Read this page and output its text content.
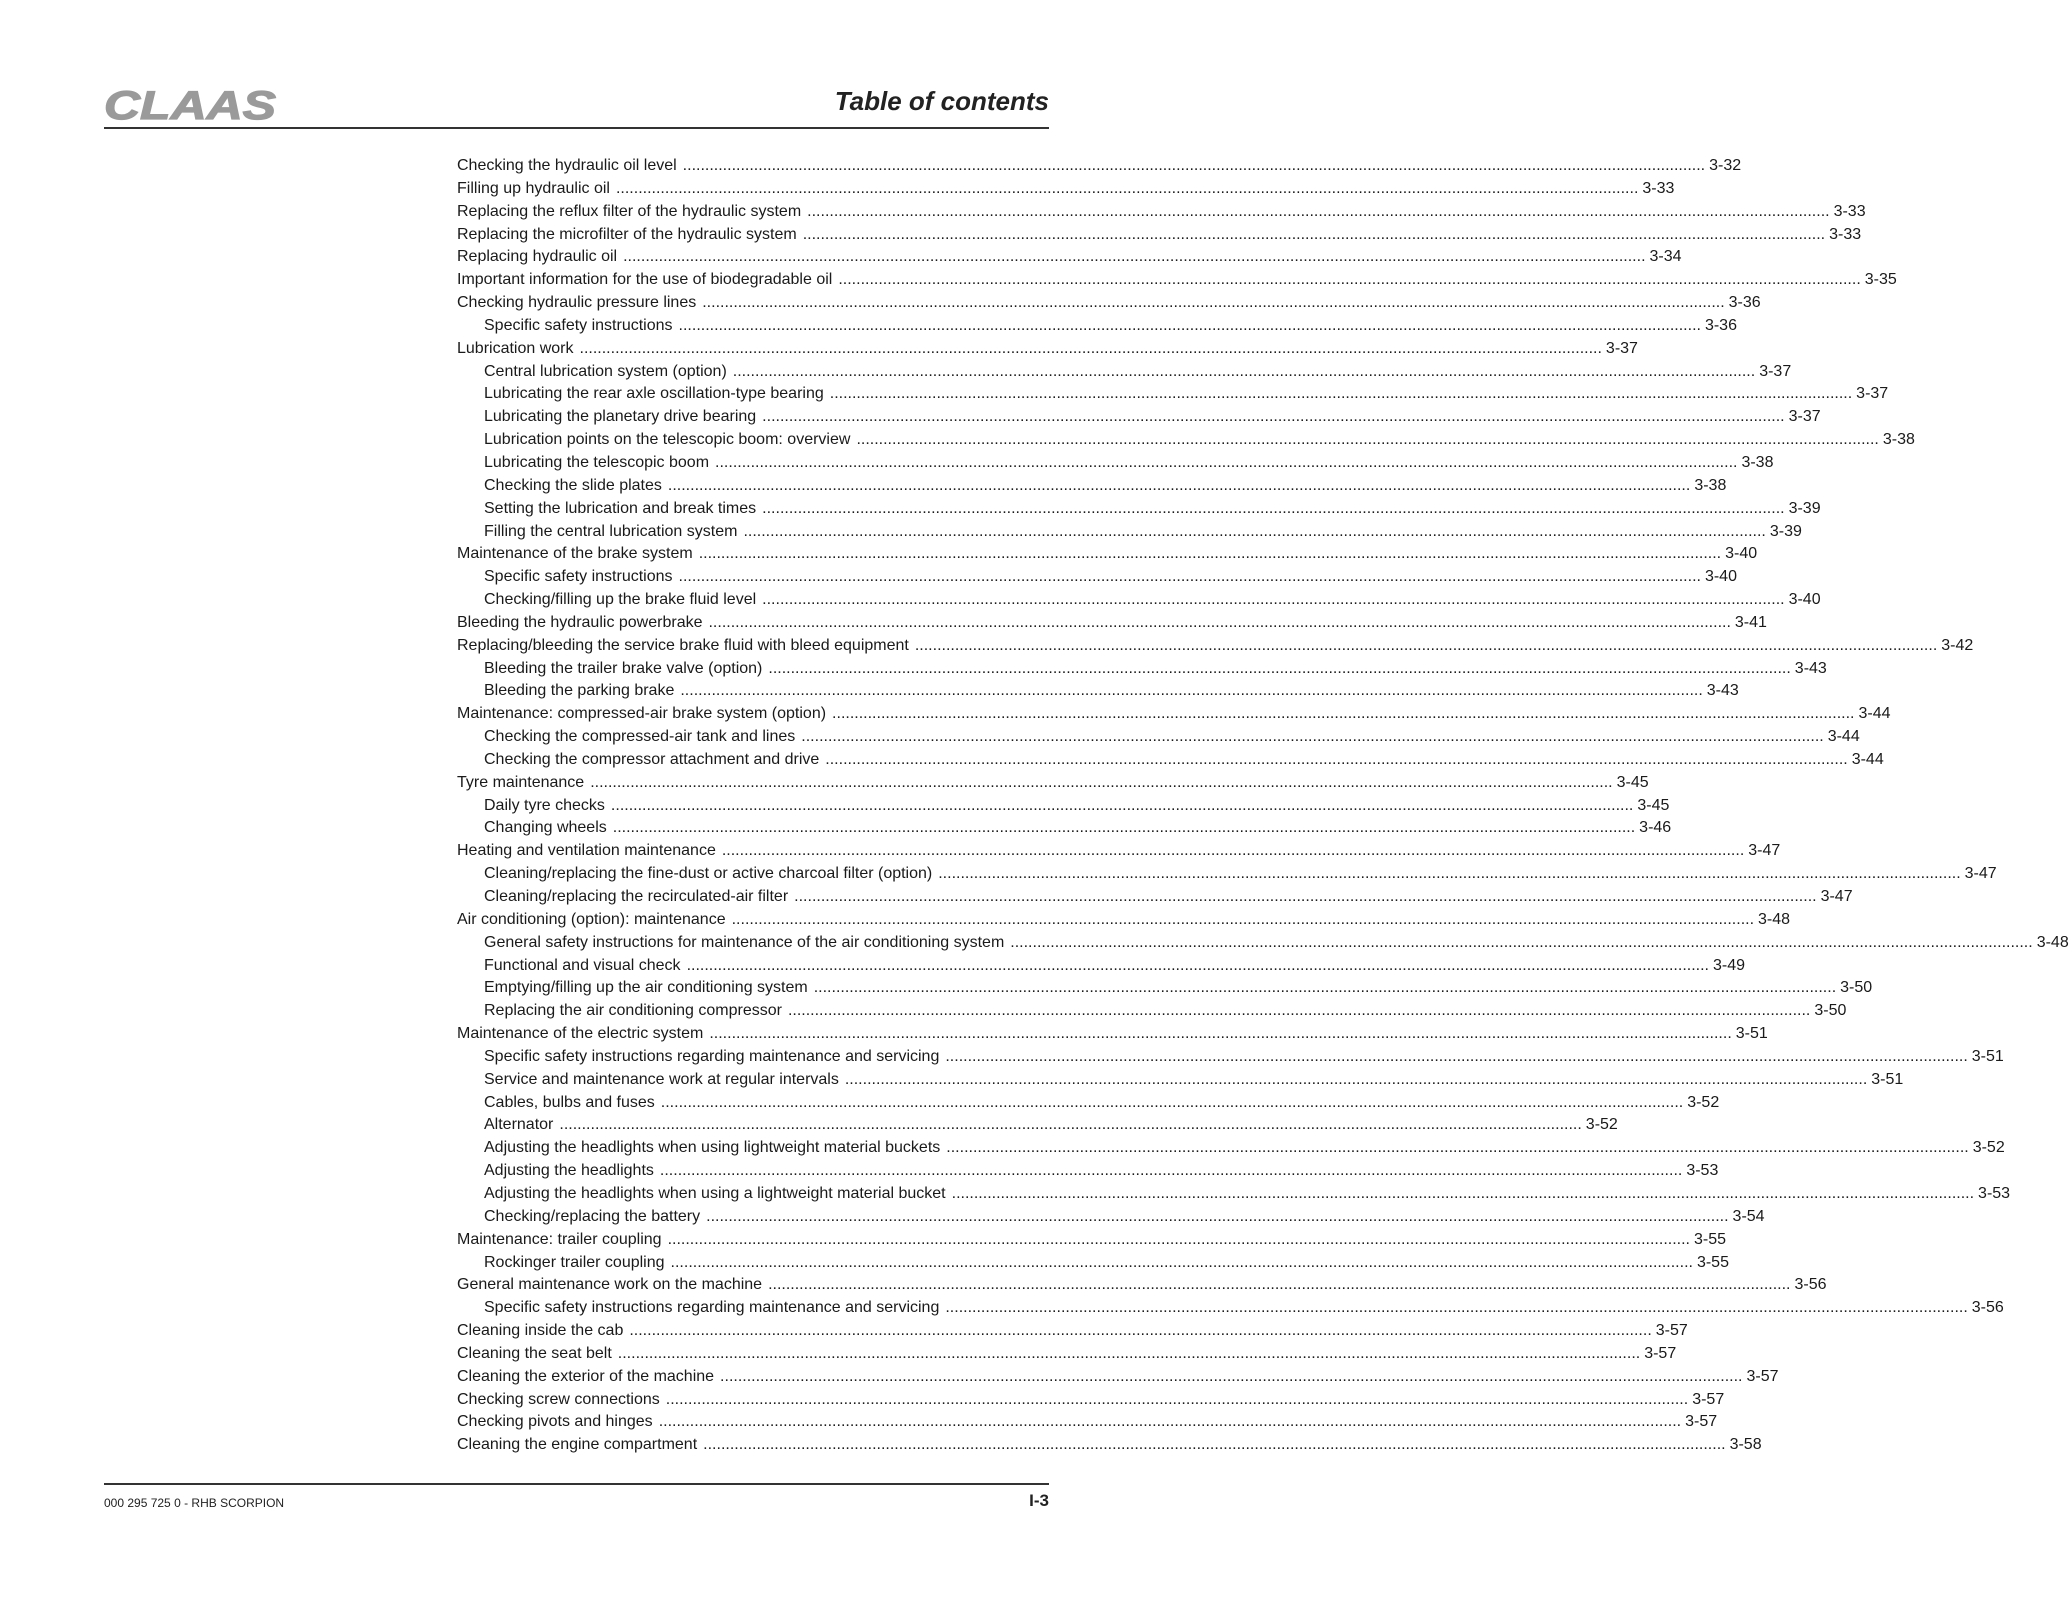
CLAAS	Table of contents
Checking the hydraulic oil level .....	3-32
Filling up hydraulic oil .....	3-33
Replacing the reflux filter of the hydraulic system .....	3-33
Replacing the microfilter of the hydraulic system .....	3-33
Replacing hydraulic oil .....	3-34
Important information for the use of biodegradable oil .....	3-35
Checking hydraulic pressure lines .....	3-36
Specific safety instructions .....	3-36
Lubrication work .....	3-37
Central lubrication system (option) .....	3-37
Lubricating the rear axle oscillation-type bearing .....	3-37
Lubricating the planetary drive bearing .....	3-37
Lubrication points on the telescopic boom: overview .....	3-38
Lubricating the telescopic boom .....	3-38
Checking the slide plates .....	3-38
Setting the lubrication and break times .....	3-39
Filling the central lubrication system .....	3-39
Maintenance of the brake system .....	3-40
Specific safety instructions .....	3-40
Checking/filling up the brake fluid level .....	3-40
Bleeding the hydraulic powerbrake .....	3-41
Replacing/bleeding the service brake fluid with bleed equipment .....	3-42
Bleeding the trailer brake valve (option) .....	3-43
Bleeding the parking brake .....	3-43
Maintenance: compressed-air brake system (option) .....	3-44
Checking the compressed-air tank and lines .....	3-44
Checking the compressor attachment and drive .....	3-44
Tyre maintenance .....	3-45
Daily tyre checks .....	3-45
Changing wheels .....	3-46
Heating and ventilation maintenance .....	3-47
Cleaning/replacing the fine-dust or active charcoal filter (option) .....	3-47
Cleaning/replacing the recirculated-air filter .....	3-47
Air conditioning (option): maintenance .....	3-48
General safety instructions for maintenance of the air conditioning system .....	3-48
Functional and visual check .....	3-49
Emptying/filling up the air conditioning system .....	3-50
Replacing the air conditioning compressor .....	3-50
Maintenance of the electric system .....	3-51
Specific safety instructions regarding maintenance and servicing .....	3-51
Service and maintenance work at regular intervals .....	3-51
Cables, bulbs and fuses .....	3-52
Alternator .....	3-52
Adjusting the headlights when using lightweight material buckets .....	3-52
Adjusting the headlights .....	3-53
Adjusting the headlights when using a lightweight material bucket .....	3-53
Checking/replacing the battery .....	3-54
Maintenance: trailer coupling .....	3-55
Rockinger trailer coupling .....	3-55
General maintenance work on the machine .....	3-56
Specific safety instructions regarding maintenance and servicing .....	3-56
Cleaning inside the cab .....	3-57
Cleaning the seat belt .....	3-57
Cleaning the exterior of the machine .....	3-57
Checking screw connections .....	3-57
Checking pivots and hinges .....	3-57
Cleaning the engine compartment .....	3-58
000 295 725 0 - RHB SCORPION	I-3
